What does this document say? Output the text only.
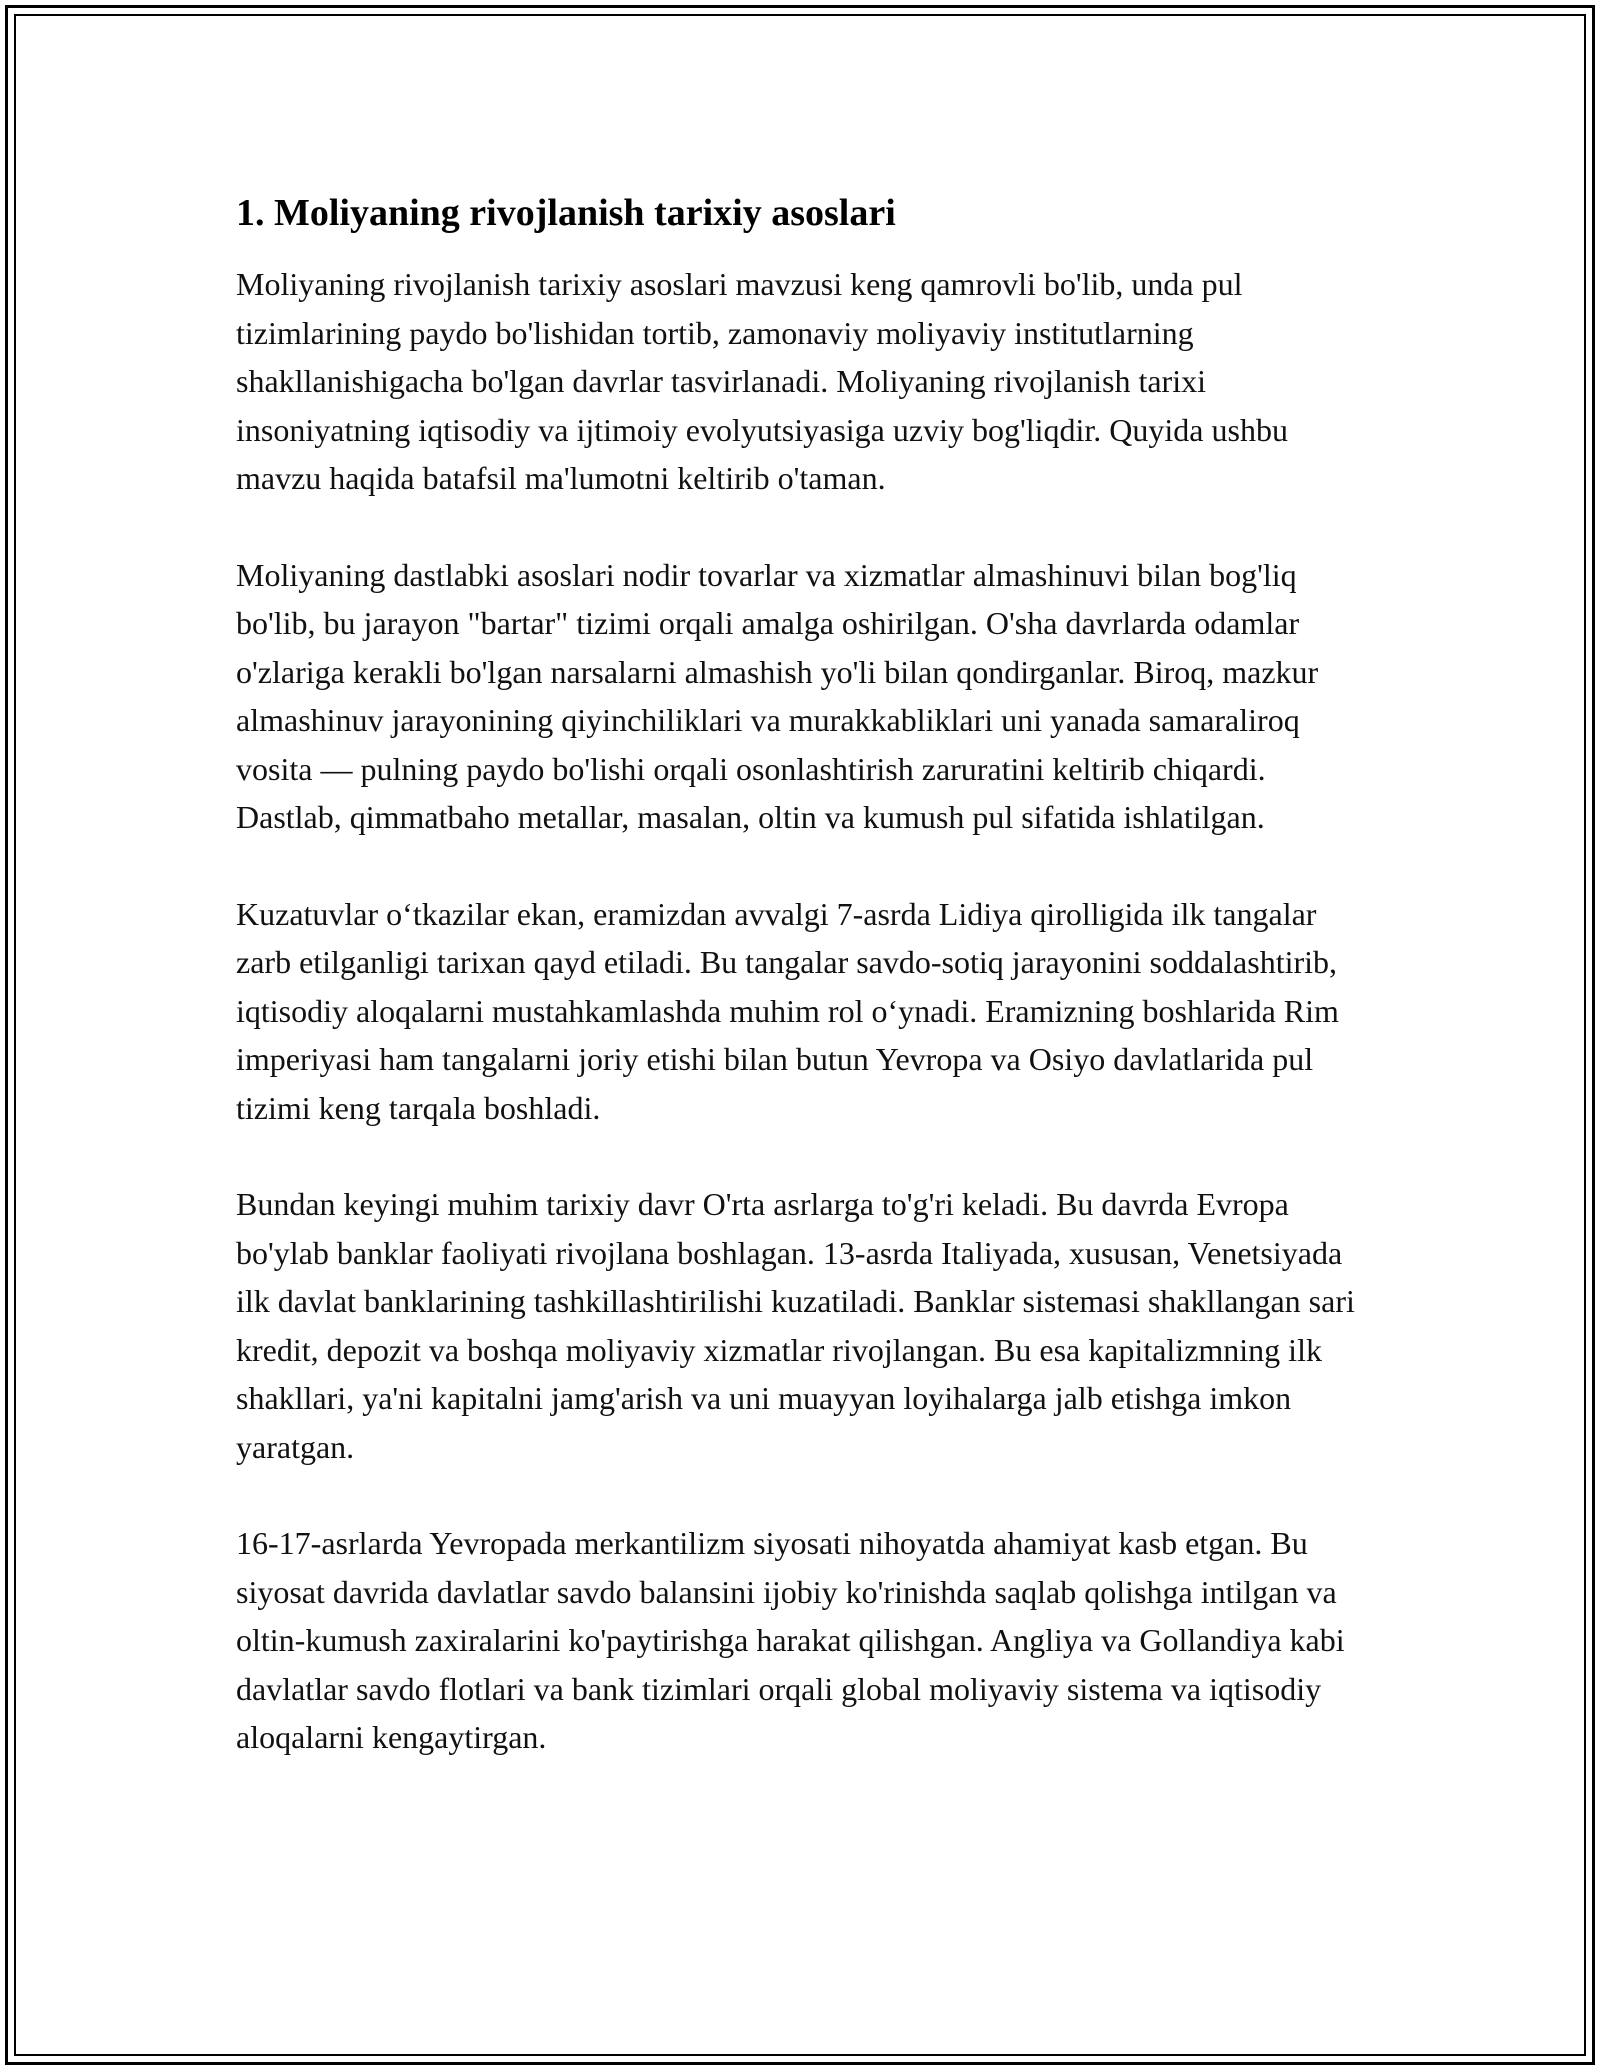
1. Moliyaning rivojlanish tarixiy asoslari

Moliyaning rivojlanish tarixiy asoslari mavzusi keng qamrovli bo'lib, unda pul tizimlarining paydo bo'lishidan tortib, zamonaviy moliyaviy institutlarning shakllanishigacha bo'lgan davrlar tasvirlanadi. Moliyaning rivojlanish tarixi insoniyatning iqtisodiy va ijtimoiy evolyutsiyasiga uzviy bog'liqdir. Quyida ushbu mavzu haqida batafsil ma'lumotni keltirib o'taman.

Moliyaning dastlabki asoslari nodir tovarlar va xizmatlar almashinuvi bilan bog'liq bo'lib, bu jarayon "bartar" tizimi orqali amalga oshirilgan. O'sha davrlarda odamlar o'zlariga kerakli bo'lgan narsalarni almashish yo'li bilan qondirganlar. Biroq, mazkur almashinuv jarayonining qiyinchiliklari va murakkabliklari uni yanada samaraliroq vosita — pulning paydo bo'lishi orqali osonlashtirish zaruratini keltirib chiqardi. Dastlab, qimmatbaho metallar, masalan, oltin va kumush pul sifatida ishlatilgan.

Kuzatuvlar o‘tkazilar ekan, eramizdan avvalgi 7-asrda Lidiya qirolligida ilk tangalar zarb etilganligi tarixan qayd etiladi. Bu tangalar savdo-sotiq jarayonini soddalashtirib, iqtisodiy aloqalarni mustahkamlashda muhim rol o‘ynadi. Eramizning boshlarida Rim imperiyasi ham tangalarni joriy etishi bilan butun Yevropa va Osiyo davlatlarida pul tizimi keng tarqala boshladi.

Bundan keyingi muhim tarixiy davr O'rta asrlarga to'g'ri keladi. Bu davrda Evropa bo'ylab banklar faoliyati rivojlana boshlagan. 13-asrda Italiyada, xususan, Venetsiyada ilk davlat banklarining tashkillashtirilishi kuzatiladi. Banklar sistemasi shakllangan sari kredit, depozit va boshqa moliyaviy xizmatlar rivojlangan. Bu esa kapitalizmning ilk shakllari, ya'ni kapitalni jamg'arish va uni muayyan loyihalarga jalb etishga imkon yaratgan.

16-17-asrlarda Yevropada merkantilizm siyosati nihoyatda ahamiyat kasb etgan. Bu siyosat davrida davlatlar savdo balansini ijobiy ko'rinishda saqlab qolishga intilgan va oltin-kumush zaxiralarini ko'paytirishga harakat qilishgan. Angliya va Gollandiya kabi davlatlar savdo flotlari va bank tizimlari orqali global moliyaviy sistema va iqtisodiy aloqalarni kengaytirgan.
